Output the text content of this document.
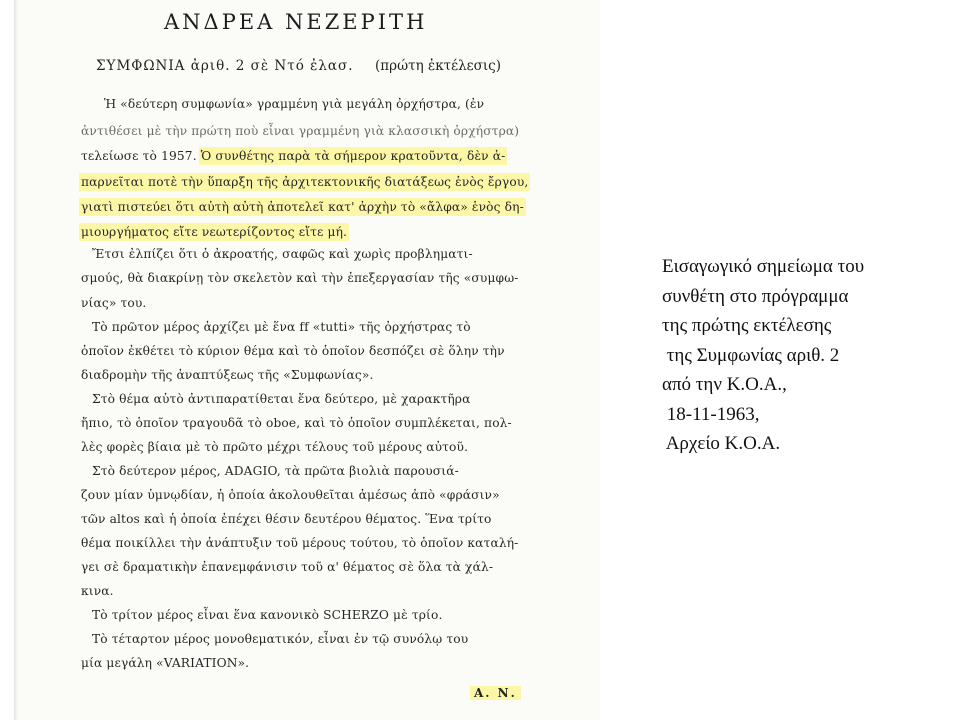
ΑΝΔΡΕΑ ΝΕΖΕΡΙΤΗ
ΣΥΜΦΩΝΙΑ ἀριθ. 2 σὲ Ντό ἐλασ. (πρώτη ἐκτέλεσις)
Ἡ «δεύτερη συμφωνία» γραμμένη γιὰ μεγάλη ὀρχήστρα, (ἐν
ἀντιθέσει μὲ τὴν πρώτη ποὺ εἶναι γραμμένη γιὰ κλασσικὴ ὀρχήστρα)
τελείωσε τὸ 1957. Ὁ συνθέτης παρὰ τὰ σήμερον κρατοῦντα, δὲν ἀ-
παρνεῖται ποτὲ τὴν ὕπαρξη τῆς ἀρχιτεκτονικῆς διατάξεως ἑνὸς ἔργου,
γιατὶ πιστεύει ὅτι αὐτὴ αὐτὴ ἀποτελεῖ κατ' ἀρχὴν τὸ «ἄλφα» ἑνὸς δη-
μιουργήματος εἴτε νεωτερίζοντος εἴτε μή.
Ἔτσι ἐλπίζει ὅτι ὁ ἀκροατής, σαφῶς καὶ χωρὶς προβληματι-
σμούς, θὰ διακρίνῃ τὸν σκελετὸν καὶ τὴν ἐπεξεργασίαν τῆς «συμφω-
νίας» του.
Τὸ πρῶτον μέρος ἀρχίζει μὲ ἕνα ff «tutti» τῆς ὀρχήστρας τὸ
ὁποῖον ἐκθέτει τὸ κύριον θέμα καὶ τὸ ὁποῖον δεσπόζει σὲ ὅλην τὴν
διαδρομὴν τῆς ἀναπτύξεως τῆς «Συμφωνίας».
Στὸ θέμα αὐτὸ ἀντιπαρατίθεται ἕνα δεύτερο, μὲ χαρακτῆρα
ἤπιο, τὸ ὁποῖον τραγουδᾶ τὸ obоe, καὶ τὸ ὁποῖον συμπλέκεται, πολ-
λὲς φορὲς βίαια μὲ τὸ πρῶτο μέχρι τέλους τοῦ μέρους αὐτοῦ.
Στὸ δεύτερον μέρος, ADAGIO, τὰ πρῶτα βιολιὰ παρουσιά-
ζουν μίαν ὑμνῳδίαν, ἡ ὁποία ἀκολουθεῖται ἀμέσως ἀπὸ «φράσιν»
τῶν altos καὶ ἡ ὁποία ἐπέχει θέσιν δευτέρου θέματος. Ἕνα τρίτο
θέμα ποικίλλει τὴν ἀνάπτυξιν τοῦ μέρους τούτου, τὸ ὁποῖον καταλή-
γει σὲ δραματικὴν ἐπανεμφάνισιν τοῦ α' θέματος σὲ ὅλα τὰ χάλ-
κινα.
Τὸ τρίτον μέρος εἶναι ἕνα κανονικὸ SCHERZO μὲ τρίο.
Τὸ τέταρτον μέρος μονοθεματικόν, εἶναι ἐν τῷ συνόλῳ του
μία μεγάλη «VARIATION».
Α. Ν.
Εισαγωγικό σημείωμα του
συνθέτη στο πρόγραμμα
της πρώτης εκτέλεσης
της Συμφωνίας αριθ. 2
από την Κ.Ο.Α.,
18-11-1963,
Αρχείο Κ.Ο.Α.
